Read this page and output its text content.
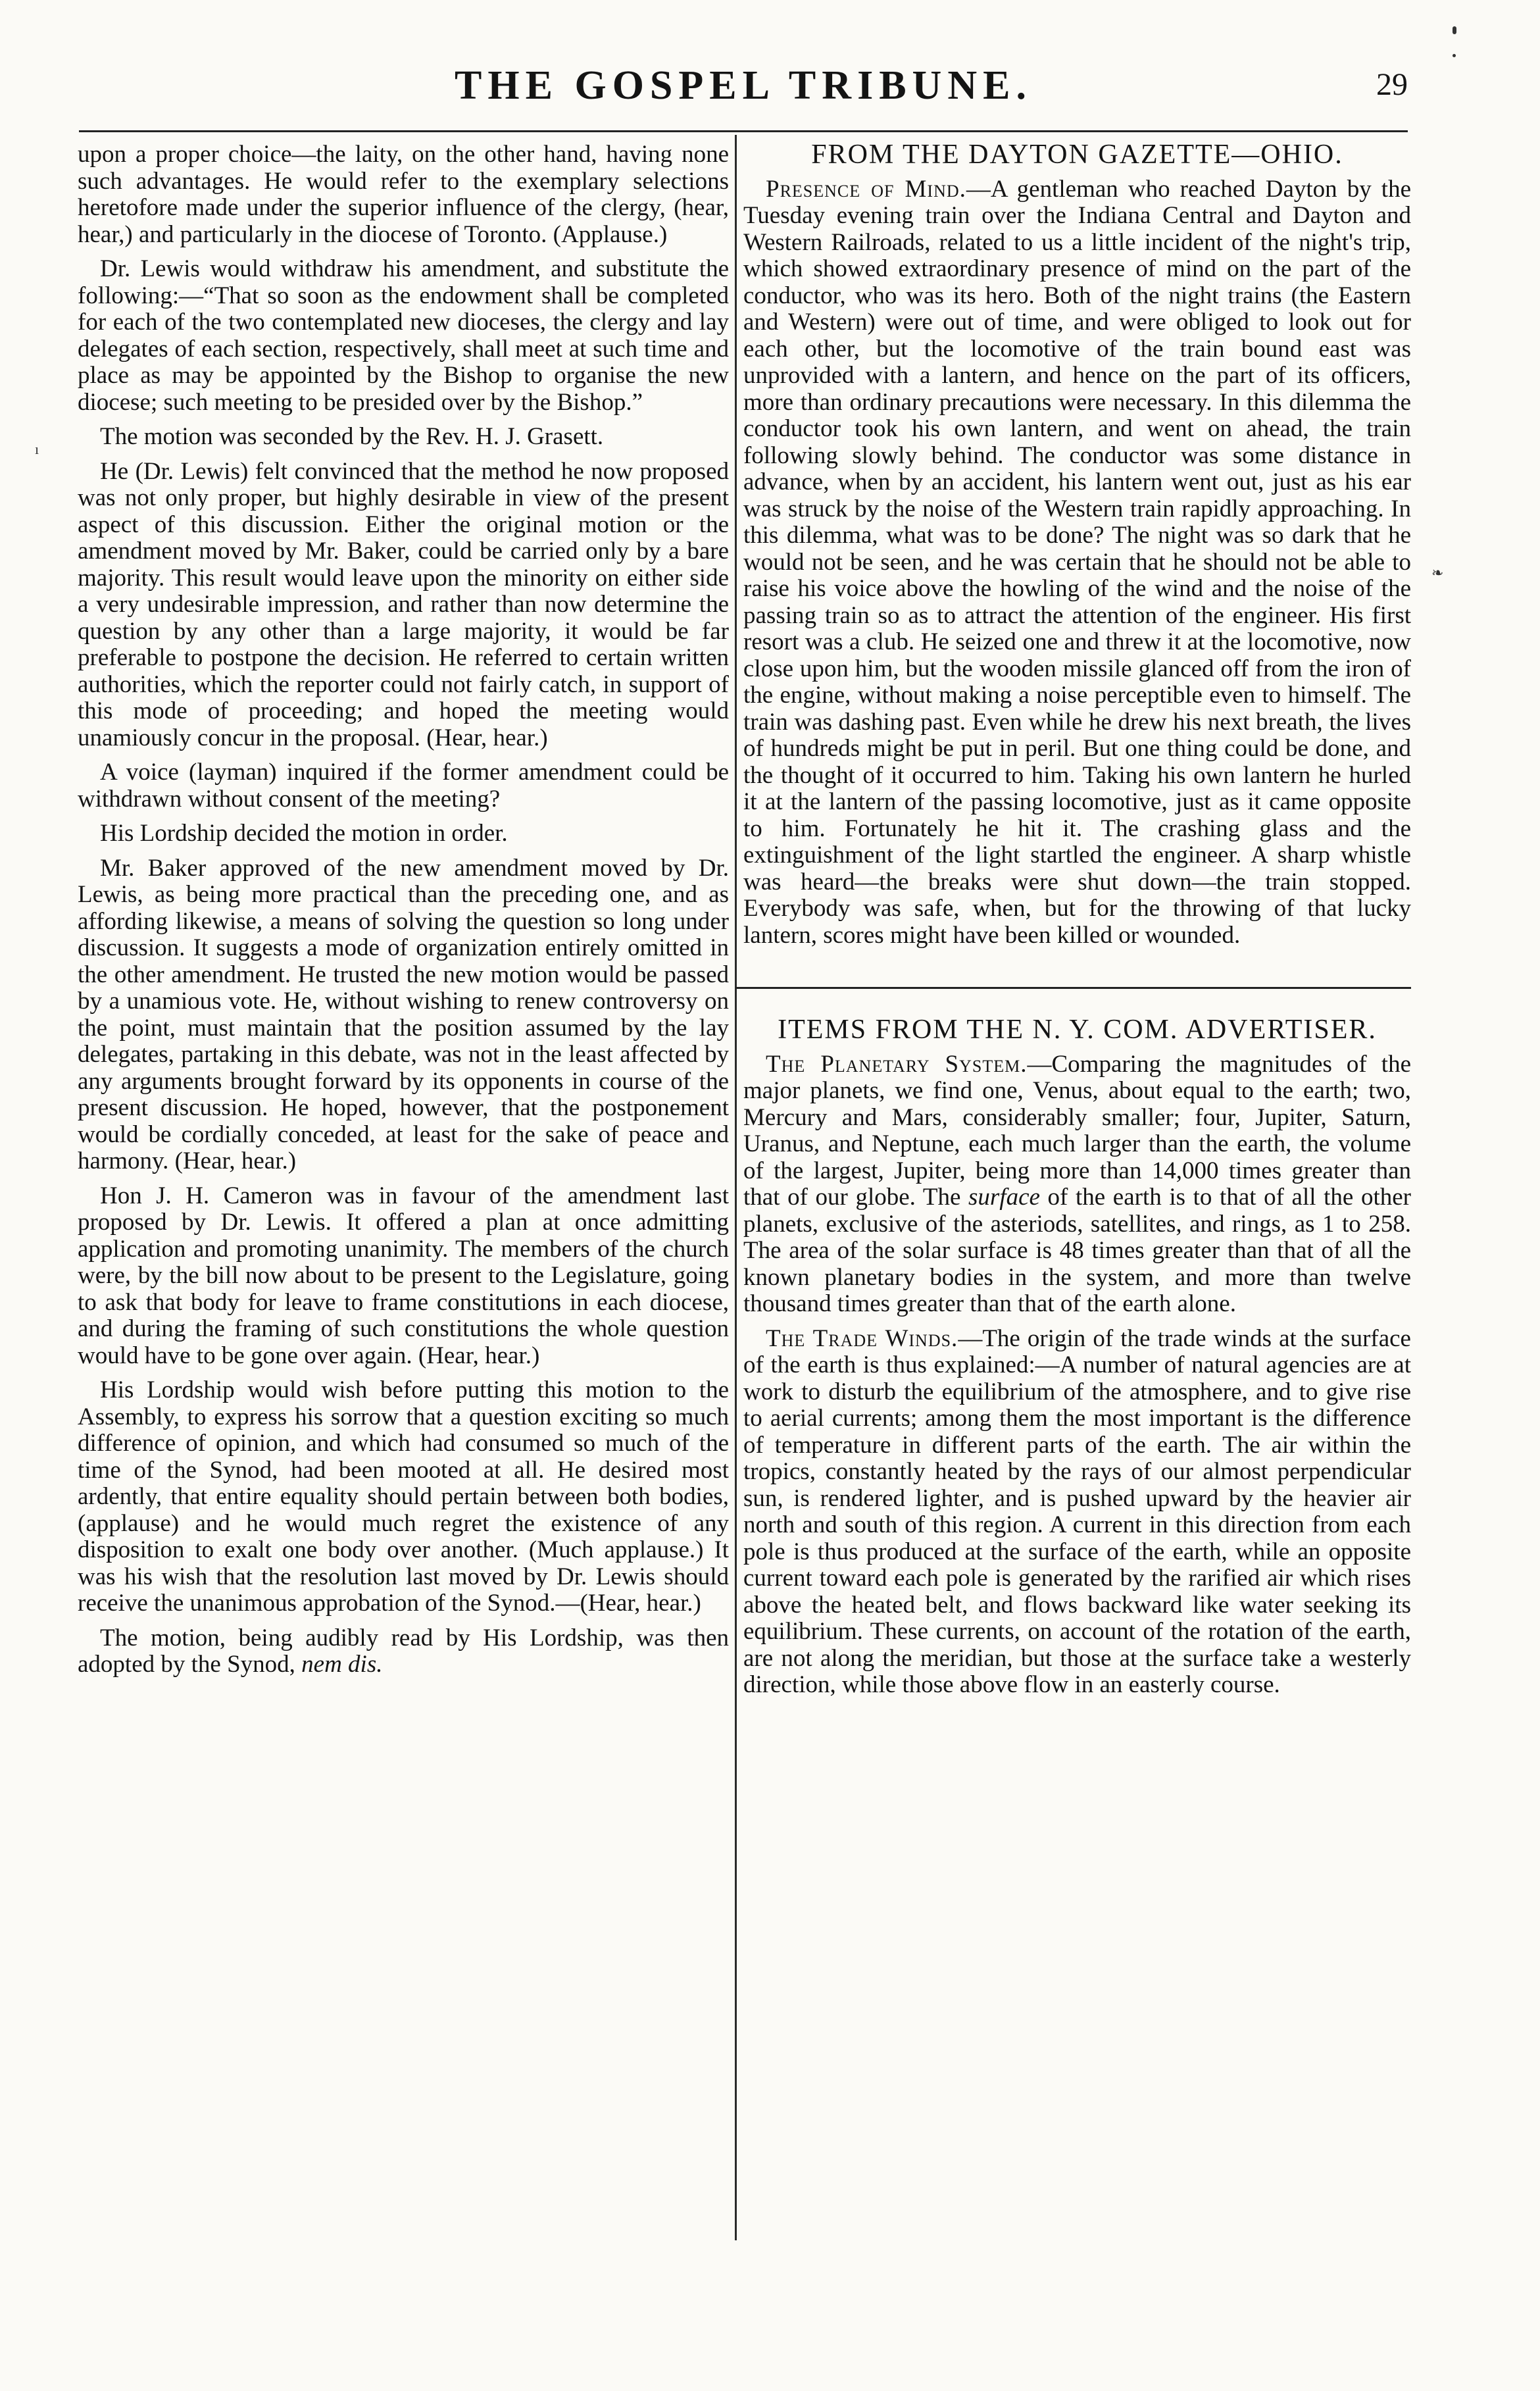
❧
ı
THE GOSPEL TRIBUNE.	29

upon a proper choice—the laity, on the other hand, having none such advantages. He would refer to the exemplary selections heretofore made under the superior influence of the clergy, (hear, hear,) and particularly in the diocese of Toronto. (Applause.)

Dr. Lewis would withdraw his amendment, and substitute the following:—“That so soon as the endowment shall be completed for each of the two contemplated new dioceses, the clergy and lay delegates of each section, respectively, shall meet at such time and place as may be appointed by the Bishop to organise the new diocese; such meeting to be presided over by the Bishop.”

The motion was seconded by the Rev. H. J. Grasett.

He (Dr. Lewis) felt convinced that the method he now proposed was not only proper, but highly desirable in view of the present aspect of this discussion. Either the original motion or the amendment moved by Mr. Baker, could be carried only by a bare majority. This result would leave upon the minority on either side a very undesirable impression, and rather than now determine the question by any other than a large majority, it would be far preferable to postpone the decision. He referred to certain written authorities, which the reporter could not fairly catch, in support of this mode of proceeding; and hoped the meeting would unamiously concur in the proposal. (Hear, hear.)

A voice (layman) inquired if the former amendment could be withdrawn without consent of the meeting?

His Lordship decided the motion in order.

Mr. Baker approved of the new amendment moved by Dr. Lewis, as being more practical than the preceding one, and as affording likewise, a means of solving the question so long under discussion. It suggests a mode of organization entirely omitted in the other amendment. He trusted the new motion would be passed by a unamious vote. He, without wishing to renew controversy on the point, must maintain that the position assumed by the lay delegates, partaking in this debate, was not in the least affected by any arguments brought forward by its opponents in course of the present discussion. He hoped, however, that the postponement would be cordially conceded, at least for the sake of peace and harmony. (Hear, hear.)

Hon J. H. Cameron was in favour of the amendment last proposed by Dr. Lewis. It offered a plan at once admitting application and promoting unanimity. The members of the church were, by the bill now about to be present to the Legislature, going to ask that body for leave to frame constitutions in each diocese, and during the framing of such constitutions the whole question would have to be gone over again. (Hear, hear.)

His Lordship would wish before putting this motion to the Assembly, to express his sorrow that a question exciting so much difference of opinion, and which had consumed so much of the time of the Synod, had been mooted at all. He desired most ardently, that entire equality should pertain between both bodies, (applause) and he would much regret the existence of any disposition to exalt one body over another. (Much applause.) It was his wish that the resolution last moved by Dr. Lewis should receive the unanimous approbation of the Synod.—(Hear, hear.)

The motion, being audibly read by His Lordship, was then adopted by the Synod, nem dis.

FROM THE DAYTON GAZETTE—OHIO.

Presence of Mind.—A gentleman who reached Dayton by the Tuesday evening train over the Indiana Central and Dayton and Western Railroads, related to us a little incident of the night's trip, which showed extraordinary presence of mind on the part of the conductor, who was its hero. Both of the night trains (the Eastern and Western) were out of time, and were obliged to look out for each other, but the locomotive of the train bound east was unprovided with a lantern, and hence on the part of its officers, more than ordinary precautions were necessary. In this dilemma the conductor took his own lantern, and went on ahead, the train following slowly behind. The conductor was some distance in advance, when by an accident, his lantern went out, just as his ear was struck by the noise of the Western train rapidly approaching. In this dilemma, what was to be done? The night was so dark that he would not be seen, and he was certain that he should not be able to raise his voice above the howling of the wind and the noise of the passing train so as to attract the attention of the engineer. His first resort was a club. He seized one and threw it at the locomotive, now close upon him, but the wooden missile glanced off from the iron of the engine, without making a noise perceptible even to himself. The train was dashing past. Even while he drew his next breath, the lives of hundreds might be put in peril. But one thing could be done, and the thought of it occurred to him. Taking his own lantern he hurled it at the lantern of the passing locomotive, just as it came opposite to him. Fortunately he hit it. The crashing glass and the extinguishment of the light startled the engineer. A sharp whistle was heard—the breaks were shut down—the train stopped. Everybody was safe, when, but for the throwing of that lucky lantern, scores might have been killed or wounded.

ITEMS FROM THE N. Y. COM. ADVERTISER.

The Planetary System.—Comparing the magnitudes of the major planets, we find one, Venus, about equal to the earth; two, Mercury and Mars, considerably smaller; four, Jupiter, Saturn, Uranus, and Neptune, each much larger than the earth, the volume of the largest, Jupiter, being more than 14,000 times greater than that of our globe. The surface of the earth is to that of all the other planets, exclusive of the asteriods, satellites, and rings, as 1 to 258. The area of the solar surface is 48 times greater than that of all the known planetary bodies in the system, and more than twelve thousand times greater than that of the earth alone.

The Trade Winds.—The origin of the trade winds at the surface of the earth is thus explained:—A number of natural agencies are at work to disturb the equilibrium of the atmosphere, and to give rise to aerial currents; among them the most important is the difference of temperature in different parts of the earth. The air within the tropics, constantly heated by the rays of our almost perpendicular sun, is rendered lighter, and is pushed upward by the heavier air north and south of this region. A current in this direction from each pole is thus produced at the surface of the earth, while an opposite current toward each pole is generated by the rarified air which rises above the heated belt, and flows backward like water seeking its equilibrium. These currents, on account of the rotation of the earth, are not along the meridian, but those at the surface take a westerly direction, while those above flow in an easterly course.
